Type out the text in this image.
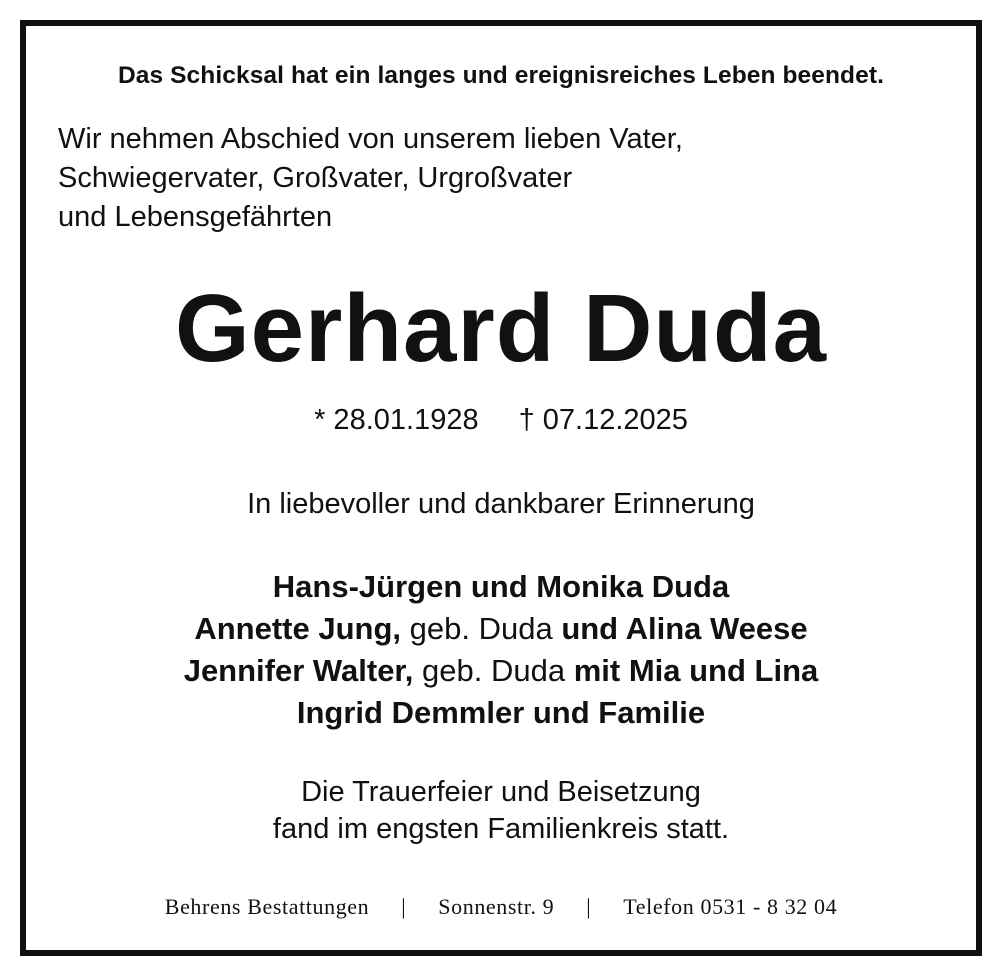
Das Schicksal hat ein langes und ereignisreiches Leben beendet.
Wir nehmen Abschied von unserem lieben Vater,
Schwiegervater, Großvater, Urgroßvater
und Lebensgefährten
Gerhard Duda
* 28.01.1928 † 07.12.2025
In liebevoller und dankbarer Erinnerung
Hans-Jürgen und Monika Duda
Annette Jung, geb. Duda und Alina Weese
Jennifer Walter, geb. Duda mit Mia und Lina
Ingrid Demmler und Familie
Die Trauerfeier und Beisetzung
fand im engsten Familienkreis statt.
Behrens Bestattungen | Sonnenstr. 9 | Telefon 0531 - 8 32 04
